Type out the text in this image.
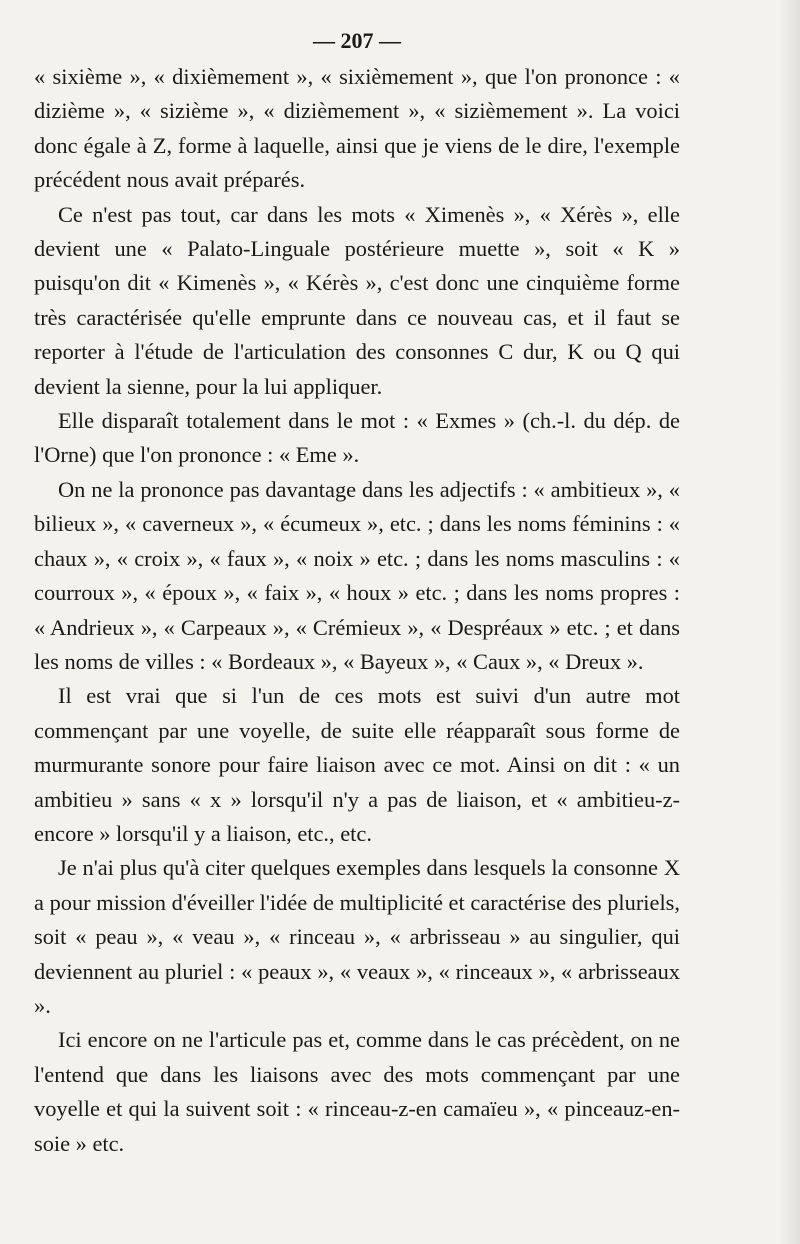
— 207 —

« sixième », « dixièmement », « sixièmement », que l'on prononce : « dizième », « sizième », « dizièmement », « sizièmement ». La voici donc égale à Z, forme à laquelle, ainsi que je viens de le dire, l'exemple précédent nous avait préparés.

Ce n'est pas tout, car dans les mots « Ximenès », « Xérès », elle devient une « Palato-Linguale postérieure muette », soit « K » puisqu'on dit « Kimenès », « Kérès », c'est donc une cinquième forme très caractérisée qu'elle emprunte dans ce nouveau cas, et il faut se reporter à l'étude de l'articulation des consonnes C dur, K ou Q qui devient la sienne, pour la lui appliquer.

Elle disparaît totalement dans le mot : « Exmes » (ch.-l. du dép. de l'Orne) que l'on prononce : « Eme ».

On ne la prononce pas davantage dans les adjectifs : « ambitieux », « bilieux », « caverneux », « écumeux », etc. ; dans les noms féminins : « chaux », « croix », « faux », « noix » etc. ; dans les noms masculins : « courroux », « époux », « faix », « houx » etc. ; dans les noms propres : « Andrieux », « Carpeaux », « Crémieux », « Despréaux » etc. ; et dans les noms de villes : « Bordeaux », « Bayeux », « Caux », « Dreux ».

Il est vrai que si l'un de ces mots est suivi d'un autre mot commençant par une voyelle, de suite elle réapparaît sous forme de murmurante sonore pour faire liaison avec ce mot. Ainsi on dit : « un ambitieu » sans « x » lorsqu'il n'y a pas de liaison, et « ambitieu-z-encore » lorsqu'il y a liaison, etc., etc.

Je n'ai plus qu'à citer quelques exemples dans lesquels la consonne X a pour mission d'éveiller l'idée de multiplicité et caractérise des pluriels, soit « peau », « veau », « rinceau », « arbrisseau » au singulier, qui deviennent au pluriel : « peaux », « veaux », « rinceaux », « arbrisseaux ».

Ici encore on ne l'articule pas et, comme dans le cas précèdent, on ne l'entend que dans les liaisons avec des mots commençant par une voyelle et qui la suivent soit : « rinceau-z-en camaïeu », « pinceauz-en-soie » etc.
